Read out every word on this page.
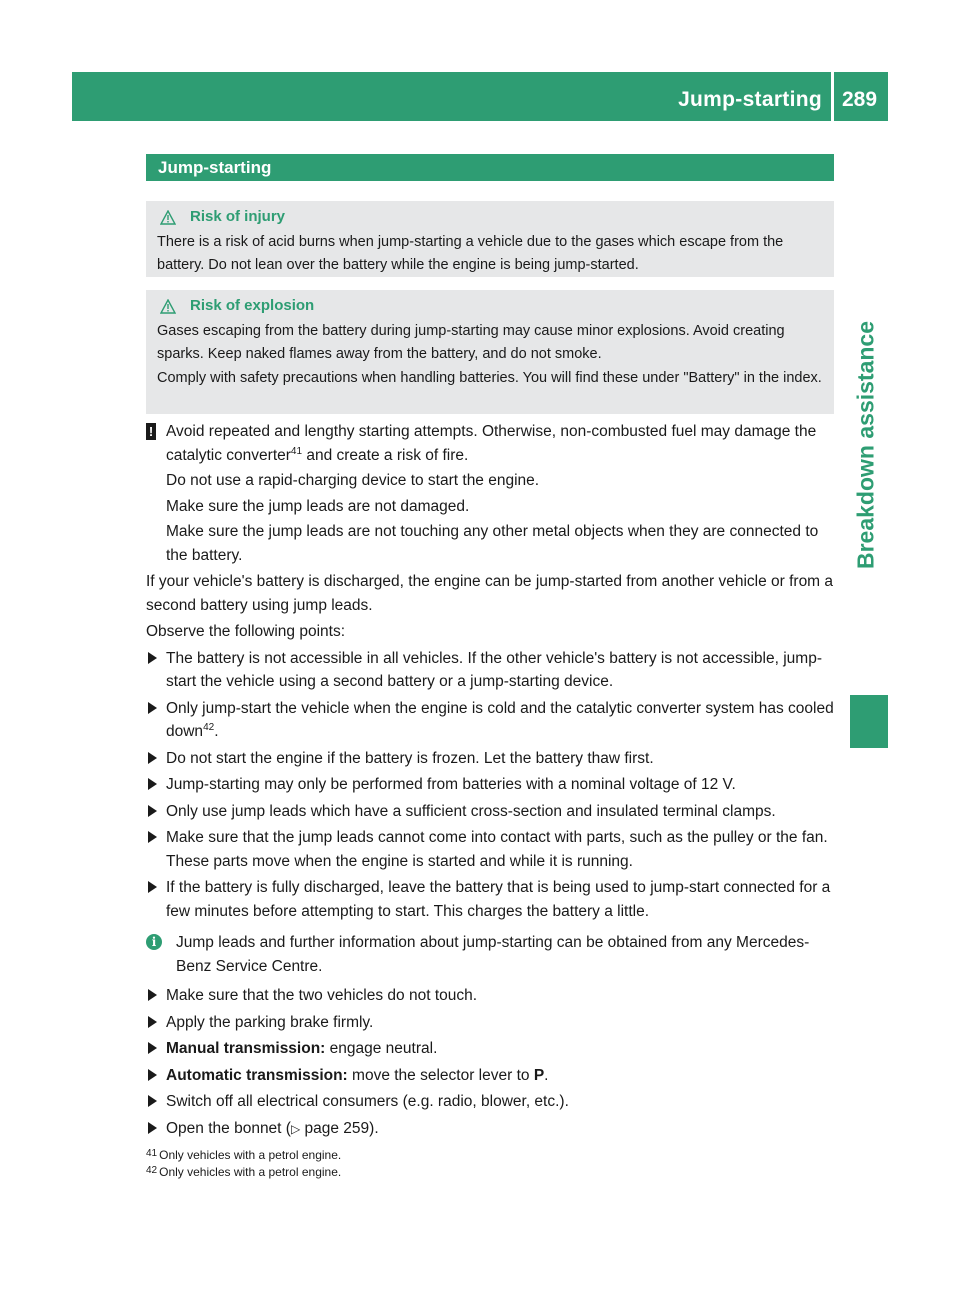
Jump-starting 289
Breakdown assistance
Jump-starting
Risk of injury

There is a risk of acid burns when jump-starting a vehicle due to the gases which escape from the battery. Do not lean over the battery while the engine is being jump-started.

Risk of explosion

Gases escaping from the battery during jump-starting may cause minor explosions. Avoid creating sparks. Keep naked flames away from the battery, and do not smoke.

Comply with safety precautions when handling batteries. You will find these under "Battery" in the index.

! Avoid repeated and lengthy starting attempts. Otherwise, non-combusted fuel may damage the catalytic converter$^{41}$ and create a risk of fire.

Do not use a rapid-charging device to start the engine.

Make sure the jump leads are not damaged.

Make sure the jump leads are not touching any other metal objects when they are connected to the battery.

If your vehicle's battery is discharged, the engine can be jump-started from another vehicle or from a second battery using jump leads.

Observe the following points:

The battery is not accessible in all vehicles. If the other vehicle's battery is not accessible, jump-start the vehicle using a second battery or a jump-starting device.
Only jump-start the vehicle when the engine is cold and the catalytic converter system has cooled down$^{42}$.
Do not start the engine if the battery is frozen. Let the battery thaw first.
Jump-starting may only be performed from batteries with a nominal voltage of 12 V.
Only use jump leads which have a sufficient cross-section and insulated terminal clamps.
Make sure that the jump leads cannot come into contact with parts, such as the pulley or the fan. These parts move when the engine is started and while it is running.
If the battery is fully discharged, leave the battery that is being used to jump-start connected for a few minutes before attempting to start. This charges the battery a little.
i	Jump leads and further information about jump-starting can be obtained from any Mercedes-Benz Service Centre.

Make sure that the two vehicles do not touch.
Apply the parking brake firmly.
Manual transmission: engage neutral.
Automatic transmission: move the selector lever to P.
Switch off all electrical consumers (e.g. radio, blower, etc.).
Open the bonnet (▷ page 259).
$^{41}$ Only vehicles with a petrol engine.
$^{42}$ Only vehicles with a petrol engine.
